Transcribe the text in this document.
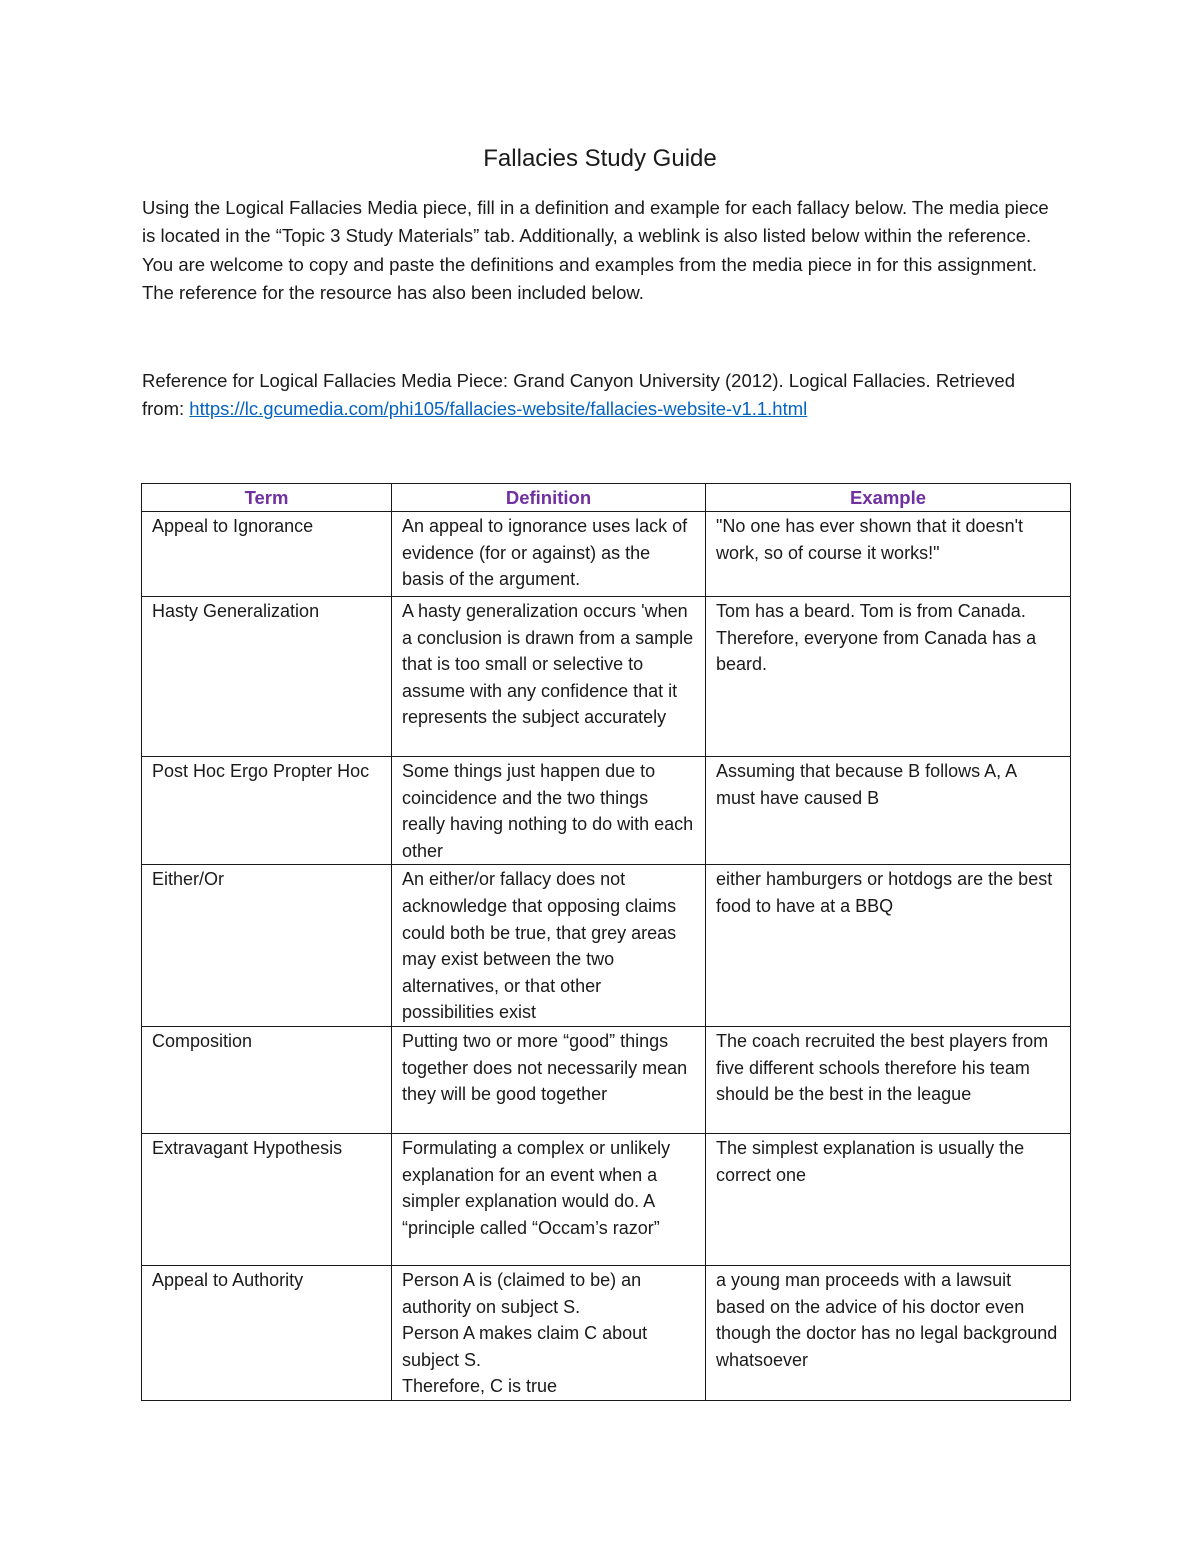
Fallacies Study Guide

Using the Logical Fallacies Media piece, fill in a definition and example for each fallacy below. The media piece is located in the “Topic 3 Study Materials” tab. Additionally, a weblink is also listed below within the reference. You are welcome to copy and paste the definitions and examples from the media piece in for this assignment. The reference for the resource has also been included below.

Reference for Logical Fallacies Media Piece: Grand Canyon University (2012). Logical Fallacies. Retrieved from: https://lc.gcumedia.com/phi105/fallacies-website/fallacies-website-v1.1.html

Term	Definition	Example
Appeal to Ignorance	An appeal to ignorance uses lack of evidence (for or against) as the basis of the argument.	"No one has ever shown that it doesn't work, so of course it works!"
Hasty Generalization	A hasty generalization occurs 'when a conclusion is drawn from a sample that is too small or selective to assume with any confidence that it represents the subject accurately	Tom has a beard. Tom is from Canada. Therefore, everyone from Canada has a beard.
Post Hoc Ergo Propter Hoc	Some things just happen due to coincidence and the two things really having nothing to do with each other	Assuming that because B follows A, A must have caused B
Either/Or	An either/or fallacy does not acknowledge that opposing claims could both be true, that grey areas may exist between the two alternatives, or that other possibilities exist	either hamburgers or hotdogs are the best food to have at a BBQ
Composition	Putting two or more “good” things together does not necessarily mean they will be good together	The coach recruited the best players from five different schools therefore his team should be the best in the league
Extravagant Hypothesis	Formulating a complex or unlikely explanation for an event when a simpler explanation would do. A “principle called “Occam’s razor”	The simplest explanation is usually the correct one
Appeal to Authority	Person A is (claimed to be) an authority on subject S.
Person A makes claim C about subject S.
Therefore, C is true	a young man proceeds with a lawsuit based on the advice of his doctor even though the doctor has no legal background whatsoever
